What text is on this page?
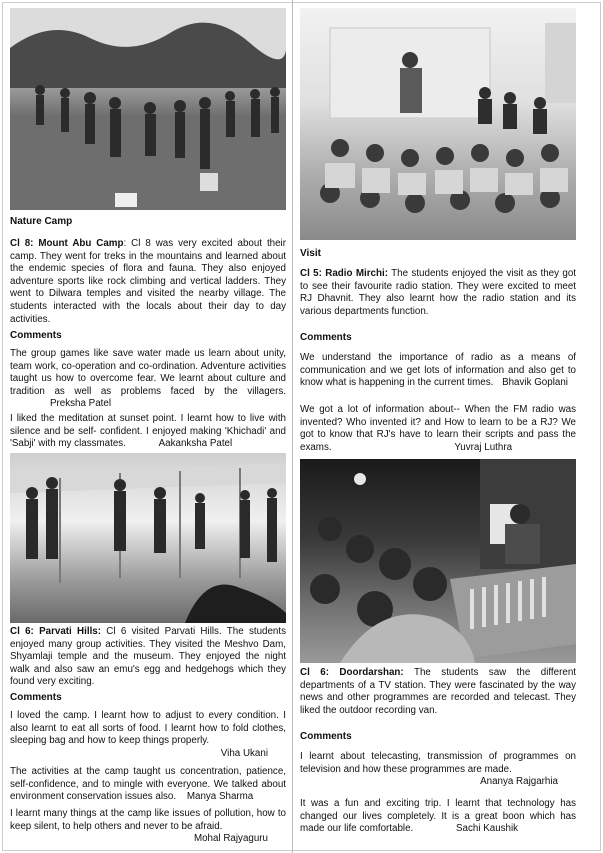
Nature Camp

Cl 8: Mount Abu Camp: Cl 8 was very excited about their camp. They went for treks in the mountains and learned about the endemic species of flora and fauna. They also enjoyed adventure sports like rock climbing and vertical ladders. They went to Dilwara temples and visited the nearby village. The students interacted with the locals about their day to day activities.

Comments

The group games like save water made us learn about unity, team work, co-operation and co-ordination. Adventure activities taught us how to overcome fear. We learnt about culture and tradition as well as problems faced by the villagers. Preksha Patel

I liked the meditation at sunset point. I learnt how to live with silence and be self- confident. I enjoyed making 'Khichadi' and 'Sabji' with my classmates.	Aakanksha Patel

Cl 6: Parvati Hills: Cl 6 visited Parvati Hills. The students enjoyed many group activities. They visited the Meshvo Dam, Shyamlaji temple and the museum. They enjoyed the night walk and also saw an emu's egg and hedgehogs which they found very exciting.

Comments

I loved the camp. I learnt how to adjust to every condition. I also learnt to eat all sorts of food. I learnt how to fold clothes, sleeping bag and how to keep things properly.
Viha Ukani

The activities at the camp taught us concentration, patience, self-confidence, and to mingle with everyone. We talked about environment conservation issues also. Manya Sharma

I learnt many things at the camp like issues of pollution, how to keep silent, to help others and never to be afraid.
Mohal Rajyaguru

Visit

Cl 5: Radio Mirchi: The students enjoyed the visit as they got to see their favourite radio station. They were excited to meet RJ Dhavnit. They also learnt how the radio station and its various departments function.

Comments

We understand the importance of radio as a means of communication and we get lots of information and also get to know what is happening in the current times. Bhavik Goplani

We got a lot of information about-- When the FM radio was invented? Who invented it? and How to learn to be a RJ? We got to know that RJ's have to learn their scripts and pass the exams.	Yuvraj Luthra

Cl 6: Doordarshan: The students saw the different departments of a TV station. They were fascinated by the way news and other programmes are recorded and telecast. They liked the outdoor recording van.

Comments

I learnt about telecasting, transmission of programmes on television and how these programmes are made.
Ananya Rajgarhia

It was a fun and exciting trip. I learnt that technology has changed our lives completely. It is a great boon which has made our life comfortable.	Sachi Kaushik
